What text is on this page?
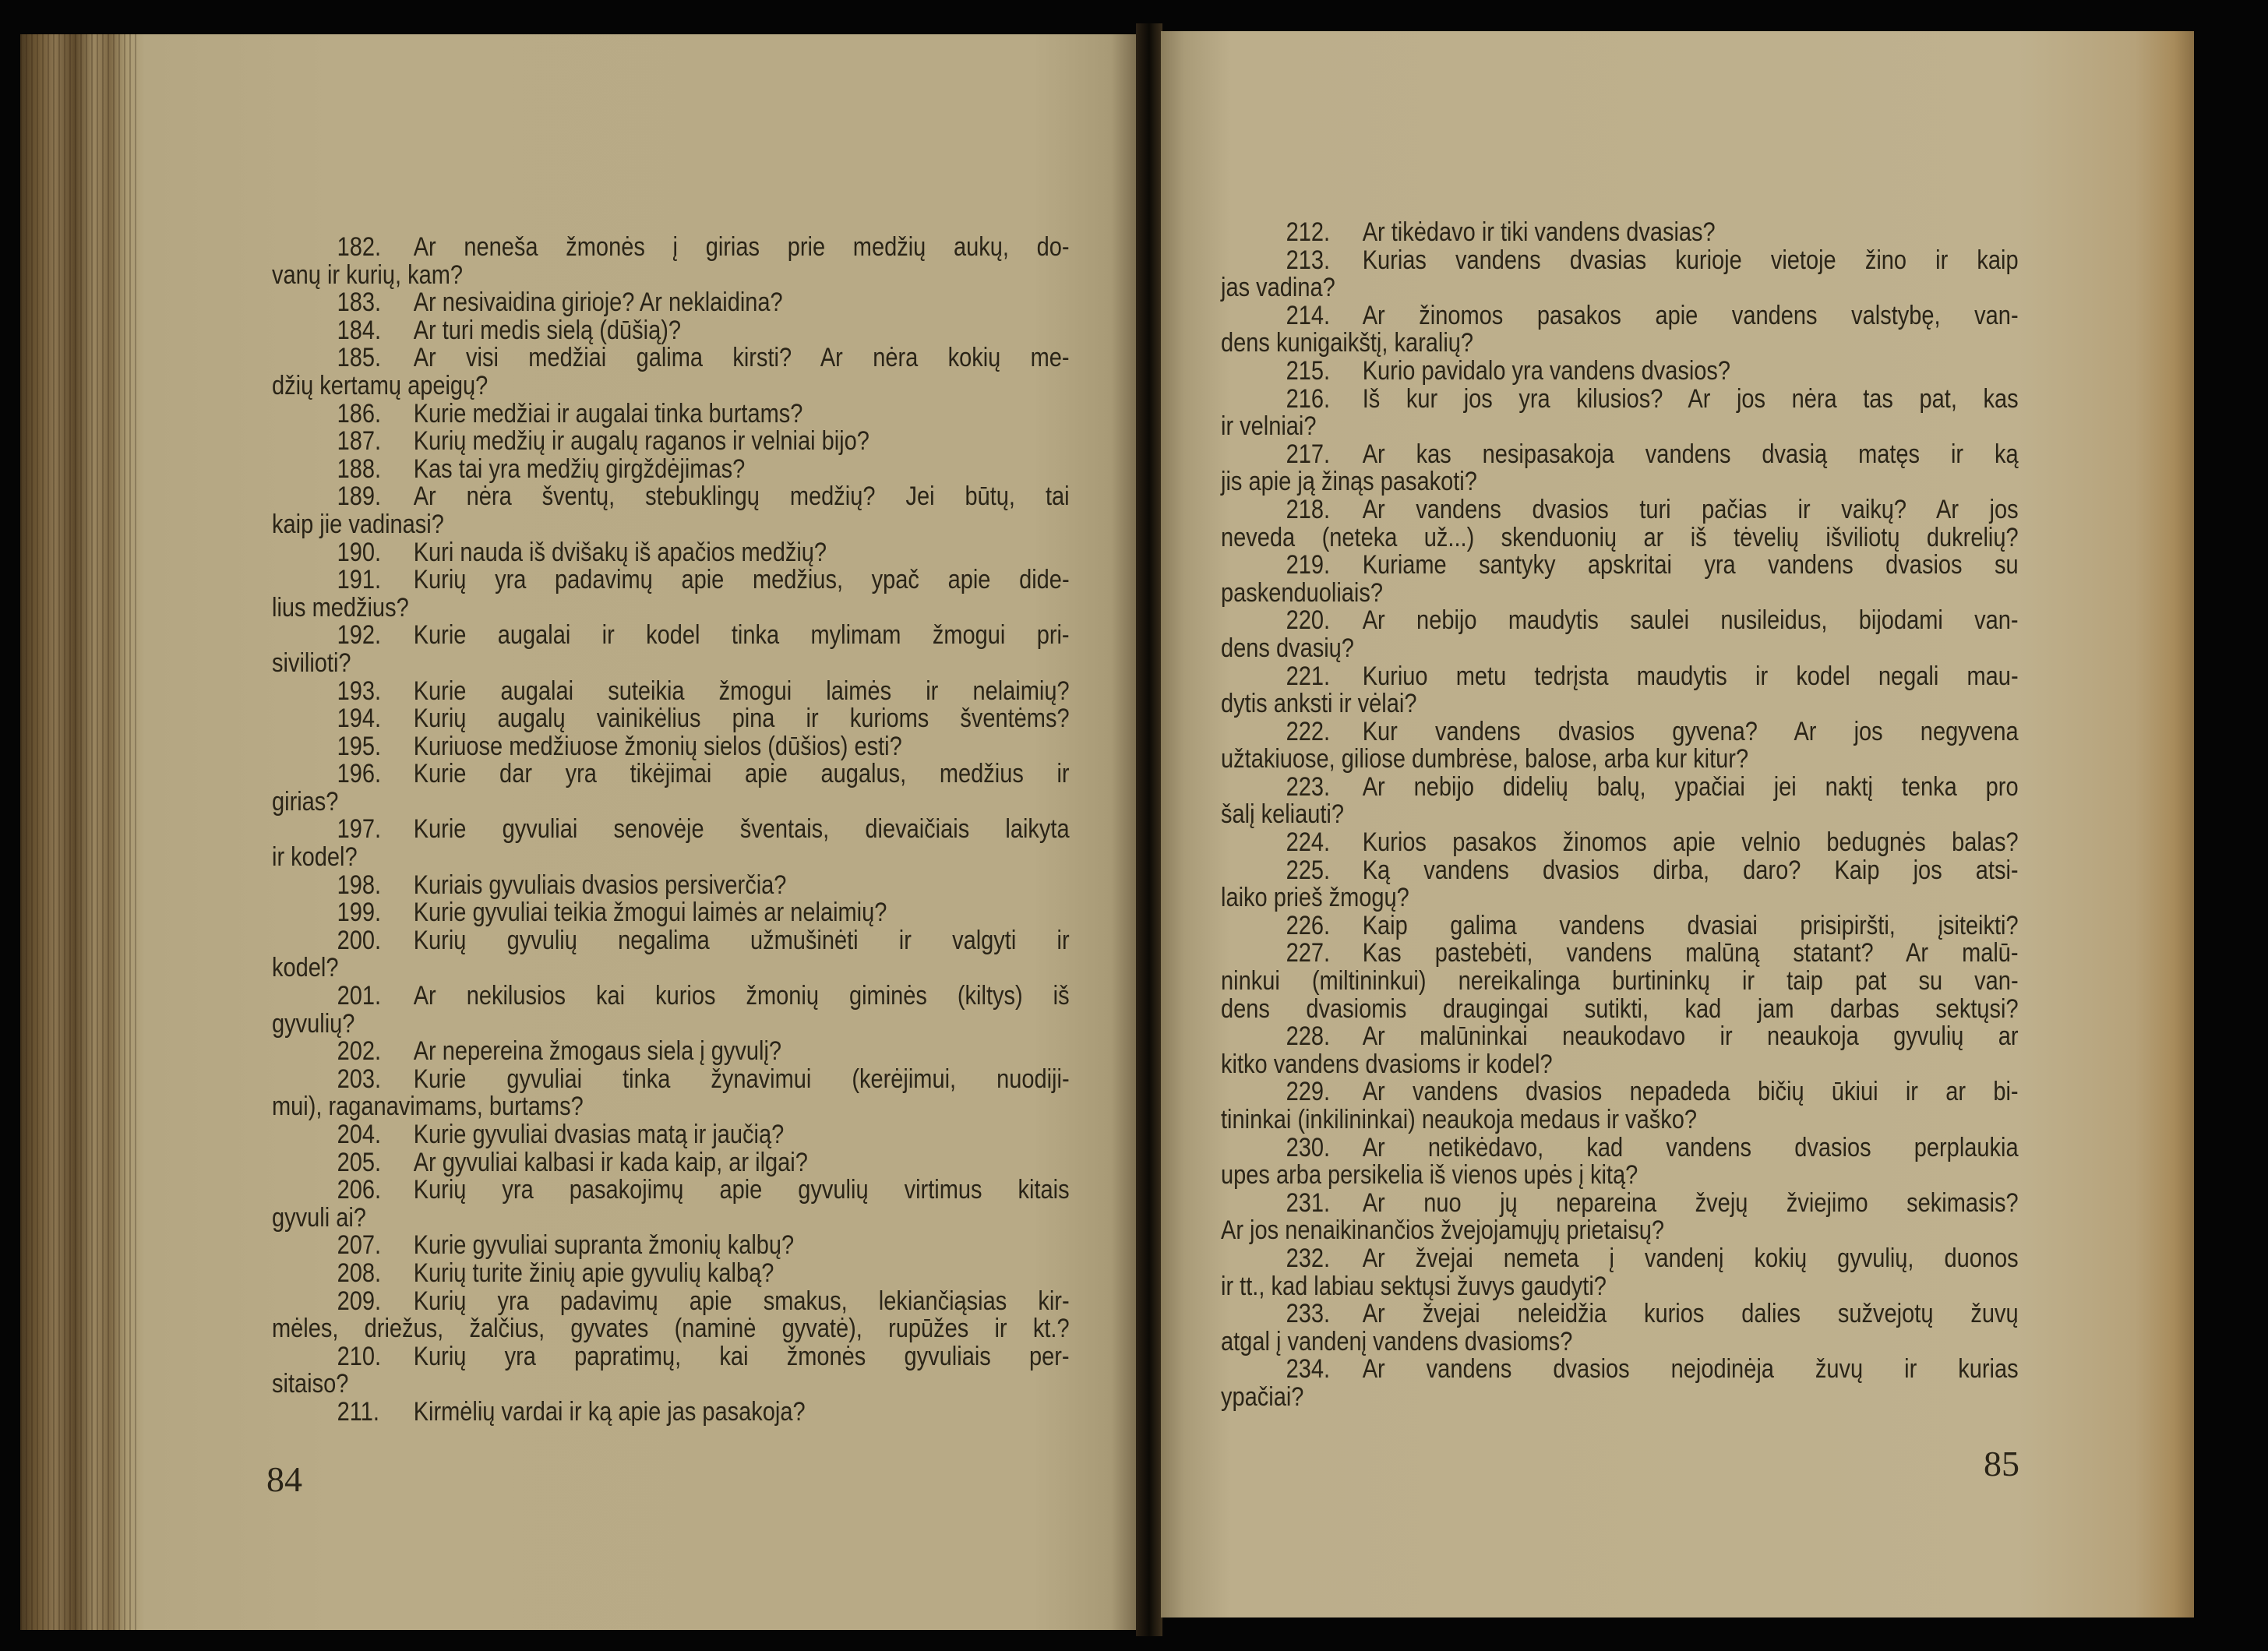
182. Ar neneša žmonės į girias prie medžių aukų, do-
vanų ir kurių, kam?
183. Ar nesivaidina girioje? Ar neklaidina?
184. Ar turi medis sielą (dūšią)?
185. Ar visi medžiai galima kirsti? Ar nėra kokių me-
džių kertamų apeigų?
186. Kurie medžiai ir augalai tinka burtams?
187. Kurių medžių ir augalų raganos ir velniai bijo?
188. Kas tai yra medžių girgždėjimas?
189. Ar nėra šventų, stebuklingų medžių? Jei būtų, tai
kaip jie vadinasi?
190. Kuri nauda iš dvišakų iš apačios medžių?
191. Kurių yra padavimų apie medžius, ypač apie dide-
lius medžius?
192. Kurie augalai ir kodel tinka mylimam žmogui pri-
sivilioti?
193. Kurie augalai suteikia žmogui laimės ir nelaimių?
194. Kurių augalų vainikėlius pina ir kurioms šventėms?
195. Kuriuose medžiuose žmonių sielos (dūšios) esti?
196. Kurie dar yra tikėjimai apie augalus, medžius ir
girias?
197. Kurie gyvuliai senovėje šventais, dievaičiais laikyta
ir kodel?
198. Kuriais gyvuliais dvasios persiverčia?
199. Kurie gyvuliai teikia žmogui laimės ar nelaimių?
200. Kurių gyvulių negalima užmušinėti ir valgyti ir
kodel?
201. Ar nekilusios kai kurios žmonių giminės (kiltys) iš
gyvulių?
202. Ar nepereina žmogaus siela į gyvulį?
203. Kurie gyvuliai tinka žynavimui (kerėjimui, nuodiji-
mui), raganavimams, burtams?
204. Kurie gyvuliai dvasias matą ir jaučią?
205. Ar gyvuliai kalbasi ir kada kaip, ar ilgai?
206. Kurių yra pasakojimų apie gyvulių virtimus kitais
gyvuli ai?
207. Kurie gyvuliai supranta žmonių kalbų?
208. Kurių turite žinių apie gyvulių kalbą?
209. Kurių yra padavimų apie smakus, lekiančiąsias kir-
mėles, driežus, žalčius, gyvates (naminė gyvatė), rupūžes ir kt.?
210. Kurių yra papratimų, kai žmonės gyvuliais per-
sitaiso?
211. Kirmėlių vardai ir ką apie jas pasakoja?
212. Ar tikėdavo ir tiki vandens dvasias?
213. Kurias vandens dvasias kurioje vietoje žino ir kaip
jas vadina?
214. Ar žinomos pasakos apie vandens valstybę, van-
dens kunigaikštį, karalių?
215. Kurio pavidalo yra vandens dvasios?
216. Iš kur jos yra kilusios? Ar jos nėra tas pat, kas
ir velniai?
217. Ar kas nesipasakoja vandens dvasią matęs ir ką
jis apie ją žinąs pasakoti?
218. Ar vandens dvasios turi pačias ir vaikų? Ar jos
neveda (neteka už...) skenduonių ar iš tėvelių išviliotų dukrelių?
219. Kuriame santyky apskritai yra vandens dvasios su
paskenduoliais?
220. Ar nebijo maudytis saulei nusileidus, bijodami van-
dens dvasių?
221. Kuriuo metu tedrįsta maudytis ir kodel negali mau-
dytis anksti ir vėlai?
222. Kur vandens dvasios gyvena? Ar jos negyvena
užtakiuose, giliose dumbrėse, balose, arba kur kitur?
223. Ar nebijo didelių balų, ypačiai jei naktį tenka pro
šalį keliauti?
224. Kurios pasakos žinomos apie velnio bedugnės balas?
225. Ką vandens dvasios dirba, daro? Kaip jos atsi-
laiko prieš žmogų?
226. Kaip galima vandens dvasiai prisipiršti, įsiteikti?
227. Kas pastebėti, vandens malūną statant? Ar malū-
ninkui (miltininkui) nereikalinga burtininkų ir taip pat su van-
dens dvasiomis draugingai sutikti, kad jam darbas sektųsi?
228. Ar malūninkai neaukodavo ir neaukoja gyvulių ar
kitko vandens dvasioms ir kodel?
229. Ar vandens dvasios nepadeda bičių ūkiui ir ar bi-
tininkai (inkilininkai) neaukoja medaus ir vaško?
230. Ar netikėdavo, kad vandens dvasios perplaukia
upes arba persikelia iš vienos upės į kitą?
231. Ar nuo jų nepareina žvejų žviejimo sekimasis?
Ar jos nenaikinančios žvejojamųjų prietaisų?
232. Ar žvejai nemeta į vandenį kokių gyvulių, duonos
ir tt., kad labiau sektųsi žuvys gaudyti?
233. Ar žvejai neleidžia kurios dalies sužvejotų žuvų
atgal į vandenį vandens dvasioms?
234. Ar vandens dvasios nejodinėja žuvų ir kurias
ypačiai?
84	85
